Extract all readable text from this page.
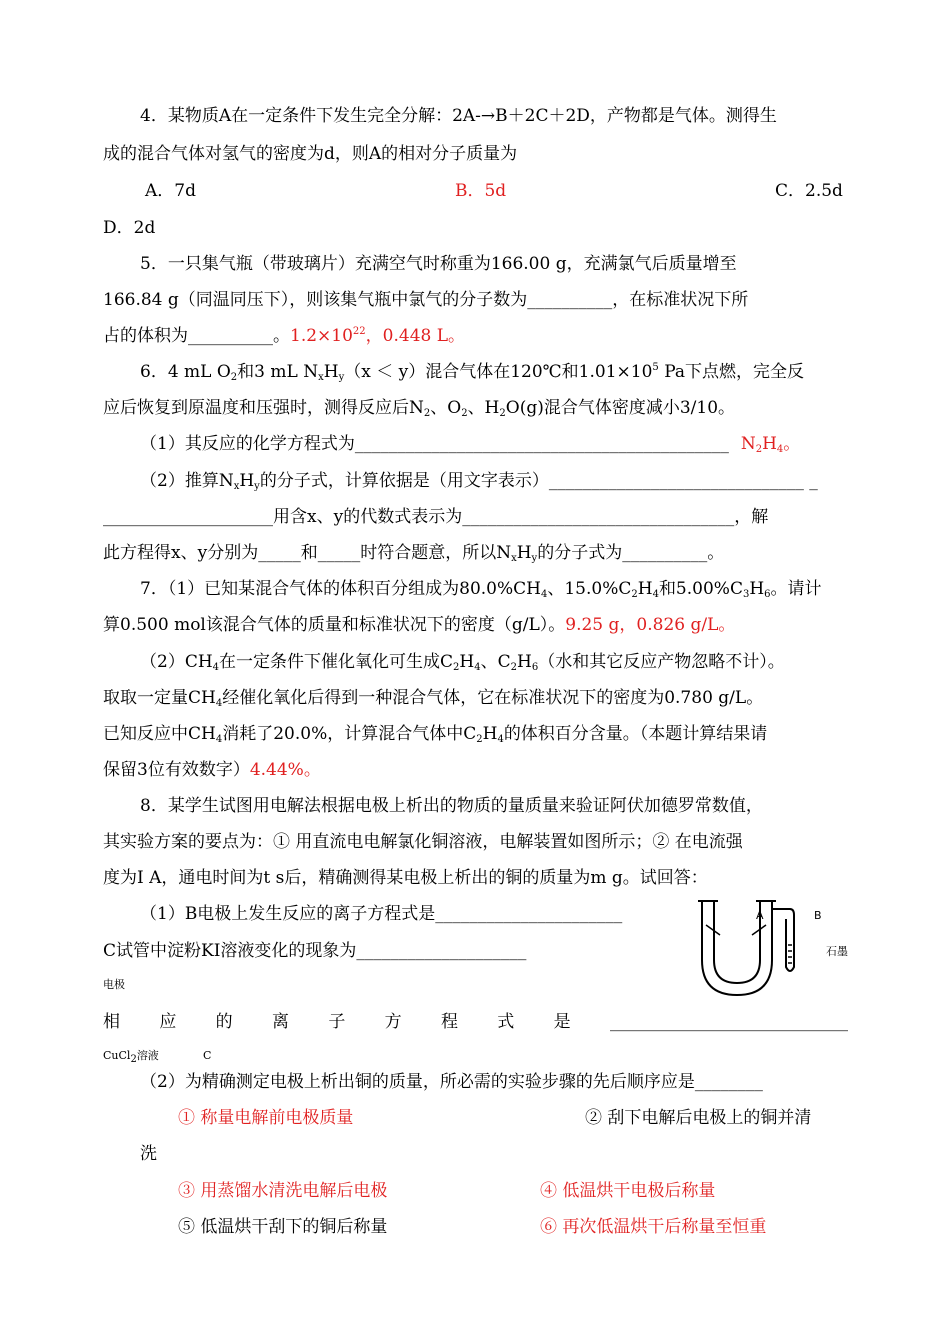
4．某物质A在一定条件下发生完全分解：2A-→B＋2C＋2D，产物都是气体。测得生
成的混合气体对氢气的密度为d，则A的相对分子质量为
A．7d	B．5d	C．2.5d
D．2d
5．一只集气瓶（带玻璃片）充满空气时称重为166.00 g，充满氯气后质量增至
166.84 g（同温同压下），则该集气瓶中氯气的分子数为__________，在标准状况下所
占的体积为__________。$1.2\times 10^{22}$，0.448 L。
6．4 mL $O_2$和3 mL $N_xH_y(x < y)$混合气体在120℃和$1.01\times 10^5$ Pa下点燃，完全反
应后恢复到原温度和压强时，测得反应后$N_2$、$O_2$、$H_2O(g)$混合气体密度减小3/10。
（1）其反应的化学方程式为____________________________________________ $N_2H_4$。
（2）推算$N_xH_y$的分子式，计算依据是（用文字表示）______________________________ _
____________________用含x、y的代数式表示为________________________________，解
此方程得x、y分别为_____和_____时符合题意，所以$N_xH_y$的分子式为__________。
7．（1）已知某混合气体的体积百分组成为$80.0\%CH_4$、$15.0\%C_2H_4$和$5.00\%C_3H_6$。请计
算0.500 mol该混合气体的质量和标准状况下的密度（g/L）。9.25 g，0.826 g/L。
$(2)CH_4$在一定条件下催化氧化可生成$C_2H_4$、$C_2H_6$（水和其它反应产物忽略不计）。
取取一定量$CH_4$经催化氧化后得到一种混合气体，它在标准状况下的密度为0.780 g/L。
已知反应中$CH_4$消耗了20.0%，计算混合气体中$C_2H_4$的体积百分含量。（本题计算结果请
保留3位有效数字）4.44%。
8．某学生试图用电解法根据电极上析出的物质的量质量来验证阿伏加德罗常数值，
其实验方案的要点为：① 用直流电电解氯化铜溶液，电解装置如图所示；② 在电流强
度为I A，通电时间为t s后，精确测得某电极上析出的铜的质量为m g。试回答：
（1）B电极上发生反应的离子方程式是______________________
C试管中淀粉KI溶液变化的现象为____________________
电极
相 应 的 离 子 方 程 式 是 ____________________________
CuCl$_2$溶液	C
A	B
石墨
（2）为精确测定电极上析出铜的质量，所必需的实验步骤的先后顺序应是________
① 称量电解前电极质量	② 刮下电解后电极上的铜并清
洗
③ 用蒸馏水清洗电解后电极	④ 低温烘干电极后称量
⑤ 低温烘干刮下的铜后称量	⑥ 再次低温烘干后称量至恒重
